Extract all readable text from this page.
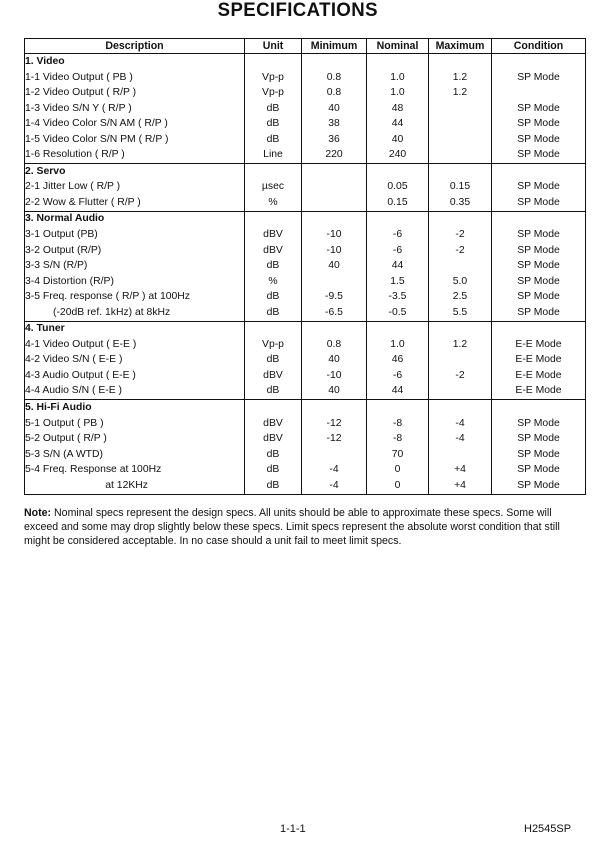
SPECIFICATIONS
Description	Unit	Minimum	Nominal	Maximum	Condition
1. Video					
1-1 Video Output ( PB )	Vp-p	0.8	1.0	1.2	SP Mode
1-2 Video Output ( R/P )	Vp-p	0.8	1.0	1.2	
1-3 Video S/N Y ( R/P )	dB	40	48		SP Mode
1-4 Video Color S/N AM ( R/P )	dB	38	44		SP Mode
1-5 Video Color S/N PM ( R/P )	dB	36	40		SP Mode
1-6 Resolution ( R/P )	Line	220	240		SP Mode
2. Servo					
2-1 Jitter Low ( R/P )	µsec		0.05	0.15	SP Mode
2-2 Wow & Flutter ( R/P )	%		0.15	0.35	SP Mode
3. Normal Audio					
3-1 Output (PB)	dBV	-10	-6	-2	SP Mode
3-2 Output (R/P)	dBV	-10	-6	-2	SP Mode
3-3 S/N (R/P)	dB	40	44		SP Mode
3-4 Distortion (R/P)	%		1.5	5.0	SP Mode
3-5 Freq. response ( R/P ) at 100Hz	dB	-9.5	-3.5	2.5	SP Mode
(-20dB ref. 1kHz) at 8kHz	dB	-6.5	-0.5	5.5	SP Mode
4. Tuner					
4-1 Video Output ( E-E )	Vp-p	0.8	1.0	1.2	E-E Mode
4-2 Video S/N ( E-E )	dB	40	46		E-E Mode
4-3 Audio Output ( E-E )	dBV	-10	-6	-2	E-E Mode
4-4 Audio S/N ( E-E )	dB	40	44		E-E Mode
5. Hi-Fi Audio					
5-1 Output ( PB )	dBV	-12	-8	-4	SP Mode
5-2 Output ( R/P )	dBV	-12	-8	-4	SP Mode
5-3 S/N (A WTD)	dB		70		SP Mode
5-4 Freq. Response at 100Hz	dB	-4	0	+4	SP Mode
at 12KHz	dB	-4	0	+4	SP Mode
Note: Nominal specs represent the design specs. All units should be able to approximate these specs. Some will exceed and some may drop slightly below these specs. Limit specs represent the absolute worst condition that still might be considered acceptable. In no case should a unit fail to meet limit specs.
1-1-1	H2545SP
